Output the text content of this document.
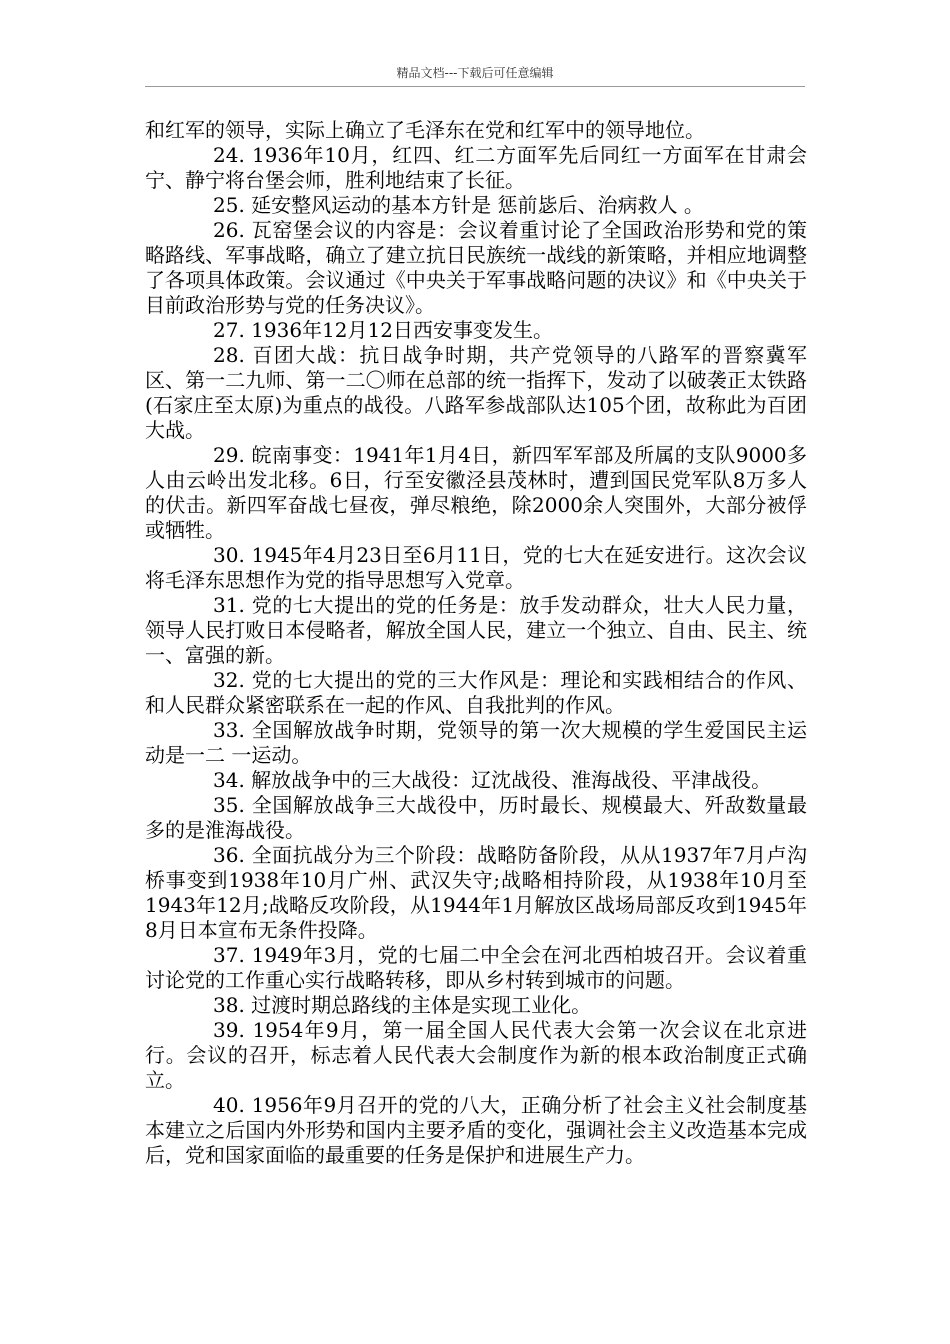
精品文档---下载后可任意编辑

和红军的领导，实际上确立了毛泽东在党和红军中的领导地位。

24. 1936年10月，红四、红二方面军先后同红一方面军在甘肃会宁、静宁将台堡会师，胜利地结束了长征。

25. 延安整风运动的基本方针是 惩前毖后、治病救人 。

26. 瓦窑堡会议的内容是：会议着重讨论了全国政治形势和党的策略路线、军事战略，确立了建立抗日民族统一战线的新策略，并相应地调整了各项具体政策。会议通过《中央关于军事战略问题的决议》和《中央关于目前政治形势与党的任务决议》。

27. 1936年12月12日西安事变发生。

28. 百团大战：抗日战争时期，共产党领导的八路军的晋察冀军区、第一二九师、第一二〇师在总部的统一指挥下，发动了以破袭正太铁路(石家庄至太原)为重点的战役。八路军参战部队达105个团，故称此为百团大战。

29. 皖南事变：1941年1月4日，新四军军部及所属的支队9000多人由云岭出发北移。6日，行至安徽泾县茂林时，遭到国民党军队8万多人的伏击。新四军奋战七昼夜，弹尽粮绝，除2000余人突围外，大部分被俘或牺牲。

30. 1945年4月23日至6月11日，党的七大在延安进行。这次会议将毛泽东思想作为党的指导思想写入党章。

31. 党的七大提出的党的任务是：放手发动群众，壮大人民力量，领导人民打败日本侵略者，解放全国人民，建立一个独立、自由、民主、统一、富强的新。

32. 党的七大提出的党的三大作风是：理论和实践相结合的作风、和人民群众紧密联系在一起的作风、自我批判的作风。

33. 全国解放战争时期，党领导的第一次大规模的学生爱国民主运动是一二 一运动。

34. 解放战争中的三大战役：辽沈战役、淮海战役、平津战役。

35. 全国解放战争三大战役中，历时最长、规模最大、歼敌数量最多的是淮海战役。

36. 全面抗战分为三个阶段：战略防备阶段，从从1937年7月卢沟桥事变到1938年10月广州、武汉失守;战略相持阶段，从1938年10月至1943年12月;战略反攻阶段，从1944年1月解放区战场局部反攻到1945年8月日本宣布无条件投降。

37. 1949年3月，党的七届二中全会在河北西柏坡召开。会议着重讨论党的工作重心实行战略转移，即从乡村转到城市的问题。

38. 过渡时期总路线的主体是实现工业化。

39. 1954年9月，第一届全国人民代表大会第一次会议在北京进行。会议的召开，标志着人民代表大会制度作为新的根本政治制度正式确立。

40. 1956年9月召开的党的八大，正确分析了社会主义社会制度基本建立之后国内外形势和国内主要矛盾的变化，强调社会主义改造基本完成后，党和国家面临的最重要的任务是保护和进展生产力。
